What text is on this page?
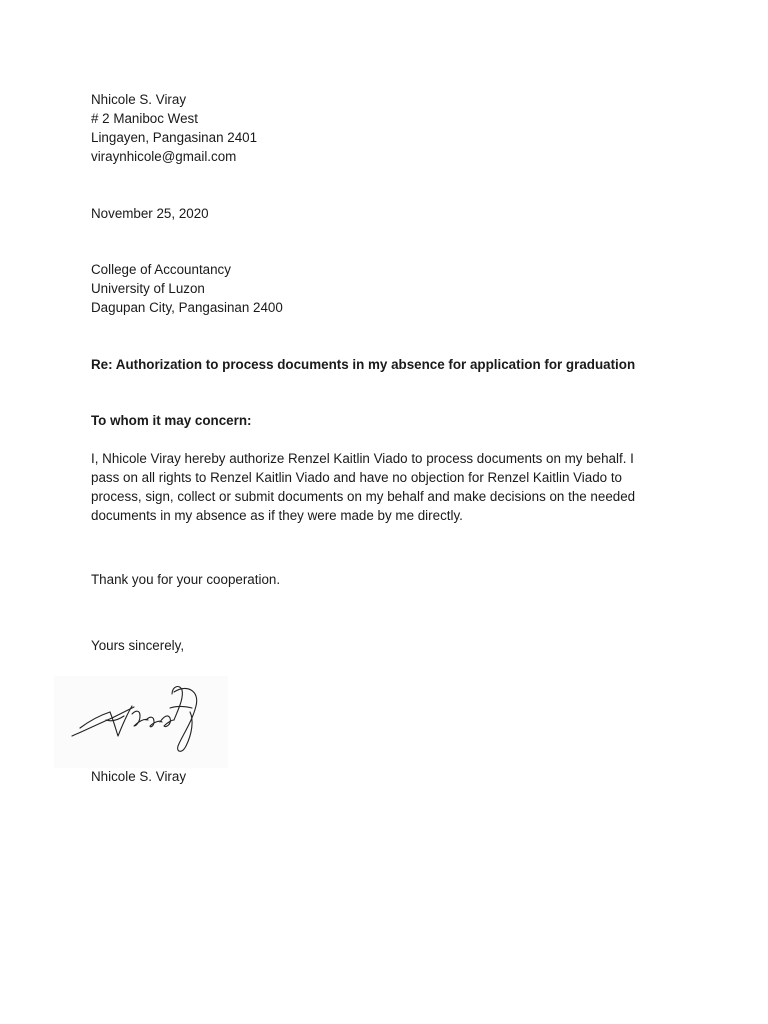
Nhicole S. Viray
# 2 Maniboc West
Lingayen, Pangasinan 2401
viraynhicole@gmail.com
November 25, 2020
College of Accountancy
University of Luzon
Dagupan City, Pangasinan 2400
Re: Authorization to process documents in my absence for application for graduation
To whom it may concern:
I, Nhicole Viray hereby authorize Renzel Kaitlin Viado to process documents on my behalf. I
pass on all rights to Renzel Kaitlin Viado and have no objection for Renzel Kaitlin Viado to
process, sign, collect or submit documents on my behalf and make decisions on the needed
documents in my absence as if they were made by me directly.
Thank you for your cooperation.
Yours sincerely,
Nhicole S. Viray
